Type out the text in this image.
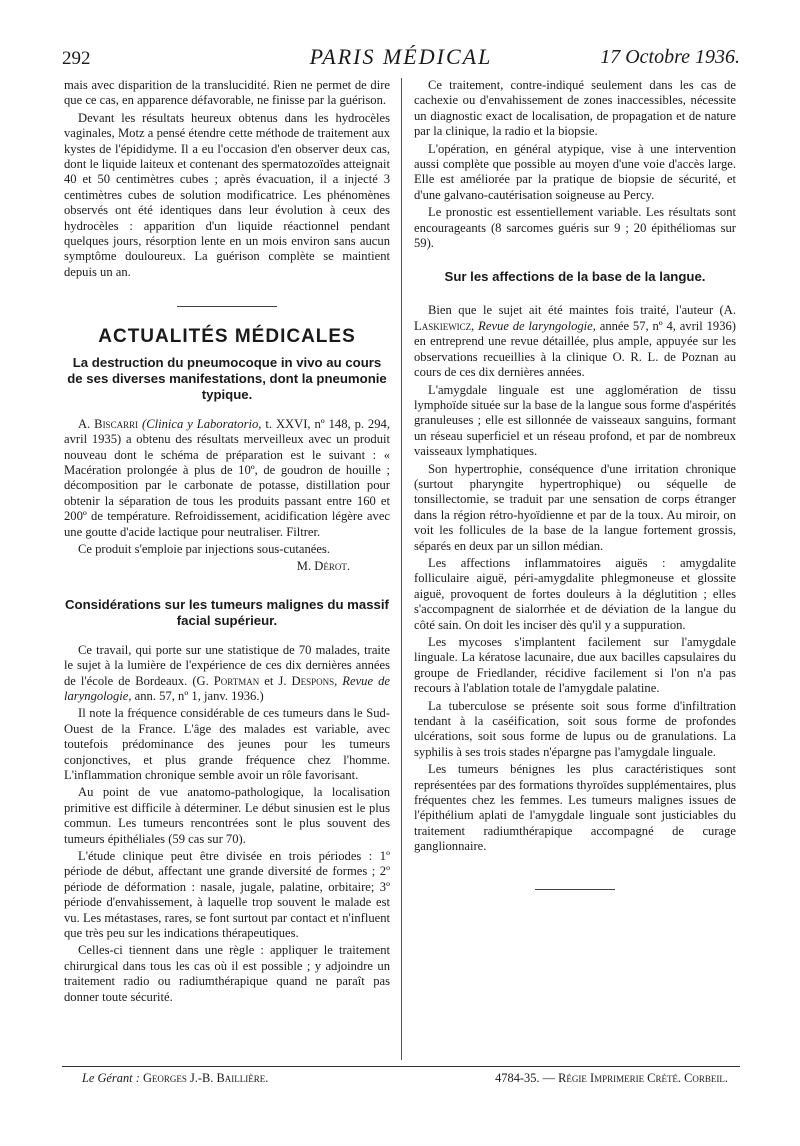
292	PARIS MÉDICAL	17 Octobre 1936.

mais avec disparition de la translucidité. Rien ne permet de dire que ce cas, en apparence défavorable, ne finisse par la guérison.

Devant les résultats heureux obtenus dans les hydrocèles vaginales, Motz a pensé étendre cette méthode de traitement aux kystes de l'épididyme. Il a eu l'occasion d'en observer deux cas, dont le liquide laiteux et contenant des spermatozoïdes atteignait 40 et 50 centimètres cubes ; après évacuation, il a injecté 3 centimètres cubes de solution modificatrice. Les phénomènes observés ont été identiques dans leur évolution à ceux des hydrocèles : apparition d'un liquide réactionnel pendant quelques jours, résorption lente en un mois environ sans aucun symptôme douloureux. La guérison complète se maintient depuis un an.

ACTUALITÉS MÉDICALES
La destruction du pneumocoque in vivo au cours de ses diverses manifestations, dont la pneumonie typique.

A. Biscarri (Clinica y Laboratorio, t. XXVI, nº 148, p. 294, avril 1935) a obtenu des résultats merveilleux avec un produit nouveau dont le schéma de préparation est le suivant : « Macération prolongée à plus de 10º, de goudron de houille ; décomposition par le carbonate de potasse, distillation pour obtenir la séparation de tous les produits passant entre 160 et 200º de température. Refroidissement, acidification légère avec une goutte d'acide lactique pour neutraliser. Filtrer.

Ce produit s'emploie par injections sous-cutanées.

M. Dérot.

Considérations sur les tumeurs malignes du massif facial supérieur.

Ce travail, qui porte sur une statistique de 70 malades, traite le sujet à la lumière de l'expérience de ces dix dernières années de l'école de Bordeaux. (G. Portman et J. Despons, Revue de laryngologie, ann. 57, nº 1, janv. 1936.)

Il note la fréquence considérable de ces tumeurs dans le Sud-Ouest de la France. L'âge des malades est variable, avec toutefois prédominance des jeunes pour les tumeurs conjonctives, et plus grande fréquence chez l'homme. L'inflammation chronique semble avoir un rôle favorisant.

Au point de vue anatomo-pathologique, la localisation primitive est difficile à déterminer. Le début sinusien est le plus commun. Les tumeurs rencontrées sont le plus souvent des tumeurs épithéliales (59 cas sur 70).

L'étude clinique peut être divisée en trois périodes : 1º période de début, affectant une grande diversité de formes ; 2º période de déformation : nasale, jugale, palatine, orbitaire; 3º période d'envahissement, à laquelle trop souvent le malade est vu. Les métastases, rares, se font surtout par contact et n'influent que très peu sur les indications thérapeutiques.

Celles-ci tiennent dans une règle : appliquer le traitement chirurgical dans tous les cas où il est possible ; y adjoindre un traitement radio ou radiumthérapique quand ne paraît pas donner toute sécurité.

Ce traitement, contre-indiqué seulement dans les cas de cachexie ou d'envahissement de zones inaccessibles, nécessite un diagnostic exact de localisation, de propagation et de nature par la clinique, la radio et la biopsie.

L'opération, en général atypique, vise à une intervention aussi complète que possible au moyen d'une voie d'accès large. Elle est améliorée par la pratique de biopsie de sécurité, et d'une galvano-cautérisation soigneuse au Percy.

Le pronostic est essentiellement variable. Les résultats sont encourageants (8 sarcomes guéris sur 9 ; 20 épithéliomas sur 59).

Sur les affections de la base de la langue.

Bien que le sujet ait été maintes fois traité, l'auteur (A. Laskiewicz, Revue de laryngologie, année 57, nº 4, avril 1936) en entreprend une revue détaillée, plus ample, appuyée sur les observations recueillies à la clinique O. R. L. de Poznan au cours de ces dix dernières années.

L'amygdale linguale est une agglomération de tissu lymphoïde située sur la base de la langue sous forme d'aspérités granuleuses ; elle est sillonnée de vaisseaux sanguins, formant un réseau superficiel et un réseau profond, et par de nombreux vaisseaux lymphatiques.

Son hypertrophie, conséquence d'une irritation chronique (surtout pharyngite hypertrophique) ou séquelle de tonsillectomie, se traduit par une sensation de corps étranger dans la région rétro-hyoïdienne et par de la toux. Au miroir, on voit les follicules de la base de la langue fortement grossis, séparés en deux par un sillon médian.

Les affections inflammatoires aiguës : amygdalite folliculaire aiguë, péri-amygdalite phlegmoneuse et glossite aiguë, provoquent de fortes douleurs à la déglutition ; elles s'accompagnent de sialorrhée et de déviation de la langue du côté sain. On doit les inciser dès qu'il y a suppuration.

Les mycoses s'implantent facilement sur l'amygdale linguale. La kératose lacunaire, due aux bacilles capsulaires du groupe de Friedlander, récidive facilement si l'on n'a pas recours à l'ablation totale de l'amygdale palatine.

La tuberculose se présente soit sous forme d'infiltration tendant à la caséification, soit sous forme de profondes ulcérations, soit sous forme de lupus ou de granulations. La syphilis à ses trois stades n'épargne pas l'amygdale linguale.

Les tumeurs bénignes les plus caractéristiques sont représentées par des formations thyroïdes supplémentaires, plus fréquentes chez les femmes. Les tumeurs malignes issues de l'épithélium aplati de l'amygdale linguale sont justiciables du traitement radiumthérapique accompagné de curage ganglionnaire.

Le Gérant : Georges J.-B. Baillière.	4784-35. — Régie Imprimerie Crété. Corbeil.
